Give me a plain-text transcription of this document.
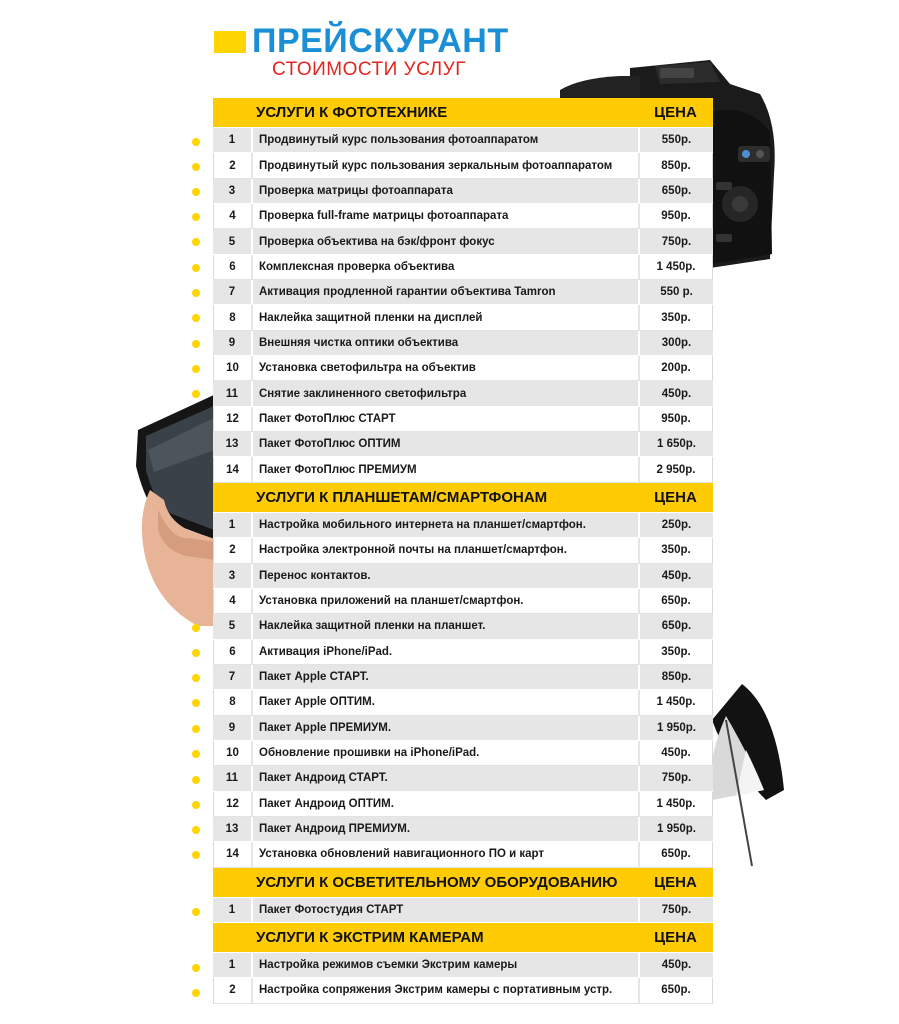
ПРЕЙСКУРАНТ
СТОИМОСТИ УСЛУГ
УСЛУГИ К ФОТОТЕХНИКЕ	ЦЕНА
1	Продвинутый курс пользования фотоаппаратом	550р.
2	Продвинутый курс пользования зеркальным фотоаппаратом	850р.
3	Проверка матрицы фотоаппарата	650р.
4	Проверка full-frame матрицы фотоаппарата	950р.
5	Проверка объектива на бэк/фронт фокус	750р.
6	Комплексная проверка объектива	1 450р.
7	Активация продленной гарантии объектива Tamron	550 р.
8	Наклейка защитной пленки на дисплей	350р.
9	Внешняя чистка оптики объектива	300р.
10	Установка светофильтра на объектив	200р.
11	Снятие заклиненного светофильтра	450р.
12	Пакет ФотоПлюс СТАРТ	950р.
13	Пакет ФотоПлюс ОПТИМ	1 650р.
14	Пакет ФотоПлюс ПРЕМИУМ	2 950р.
УСЛУГИ К ПЛАНШЕТАМ/СМАРТФОНАМ	ЦЕНА
1	Настройка мобильного интернета на планшет/смартфон.	250р.
2	Настройка электронной почты на планшет/смартфон.	350р.
3	Перенос контактов.	450р.
4	Установка приложений на планшет/смартфон.	650р.
5	Наклейка защитной пленки на планшет.	650р.
6	Активация iPhone/iPad.	350р.
7	Пакет Apple СТАРТ.	850р.
8	Пакет Apple ОПТИМ.	1 450р.
9	Пакет Apple ПРЕМИУМ.	1 950р.
10	Обновление прошивки на iPhone/iPad.	450р.
11	Пакет Андроид СТАРТ.	750р.
12	Пакет Андроид ОПТИМ.	1 450р.
13	Пакет Андроид ПРЕМИУМ.	1 950р.
14	Установка обновлений навигационного ПО и карт	650р.
УСЛУГИ К ОСВЕТИТЕЛЬНОМУ ОБОРУДОВАНИЮ	ЦЕНА
1	Пакет Фотостудия СТАРТ	750р.
УСЛУГИ К ЭКСТРИМ КАМЕРАМ	ЦЕНА
1	Настройка режимов съемки Экстрим камеры	450р.
2	Настройка сопряжения Экстрим камеры с портативным устр.	650р.
